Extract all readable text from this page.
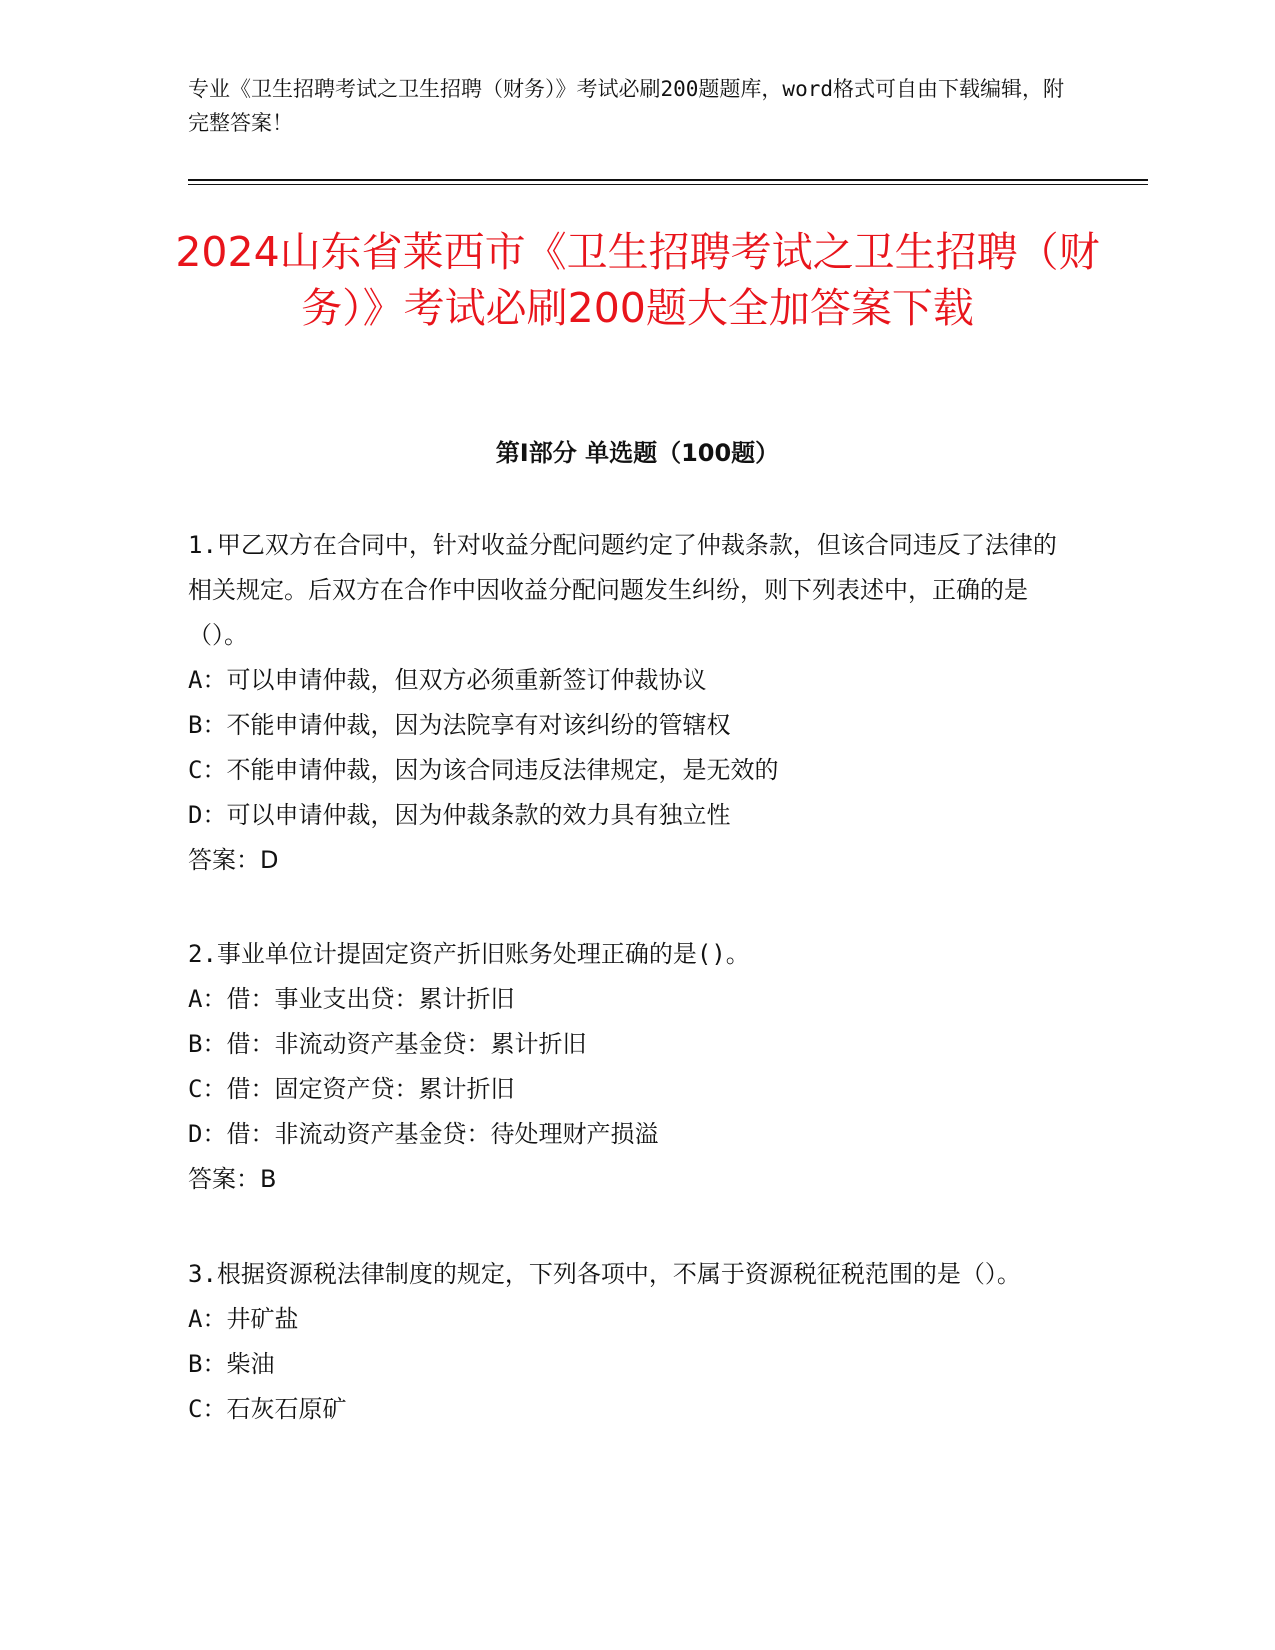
专业《卫生招聘考试之卫生招聘（财务）》考试必刷200题题库，word格式可自由下载编辑，附完整答案！
2024山东省莱西市《卫生招聘考试之卫生招聘（财务）》考试必刷200题大全加答案下载
第Ⅰ部分 单选题（100题）

1.甲乙双方在合同中，针对收益分配问题约定了仲裁条款，但该合同违反了法律的相关规定。后双方在合作中因收益分配问题发生纠纷，则下列表述中，正确的是（）。

A：可以申请仲裁，但双方必须重新签订仲裁协议

B：不能申请仲裁，因为法院享有对该纠纷的管辖权

C：不能申请仲裁，因为该合同违反法律规定，是无效的

D：可以申请仲裁，因为仲裁条款的效力具有独立性

答案：D

2.事业单位计提固定资产折旧账务处理正确的是()。

A：借：事业支出贷：累计折旧

B：借：非流动资产基金贷：累计折旧

C：借：固定资产贷：累计折旧

D：借：非流动资产基金贷：待处理财产损溢

答案：B

3.根据资源税法律制度的规定，下列各项中，不属于资源税征税范围的是（）。

A：井矿盐

B：柴油

C：石灰石原矿
